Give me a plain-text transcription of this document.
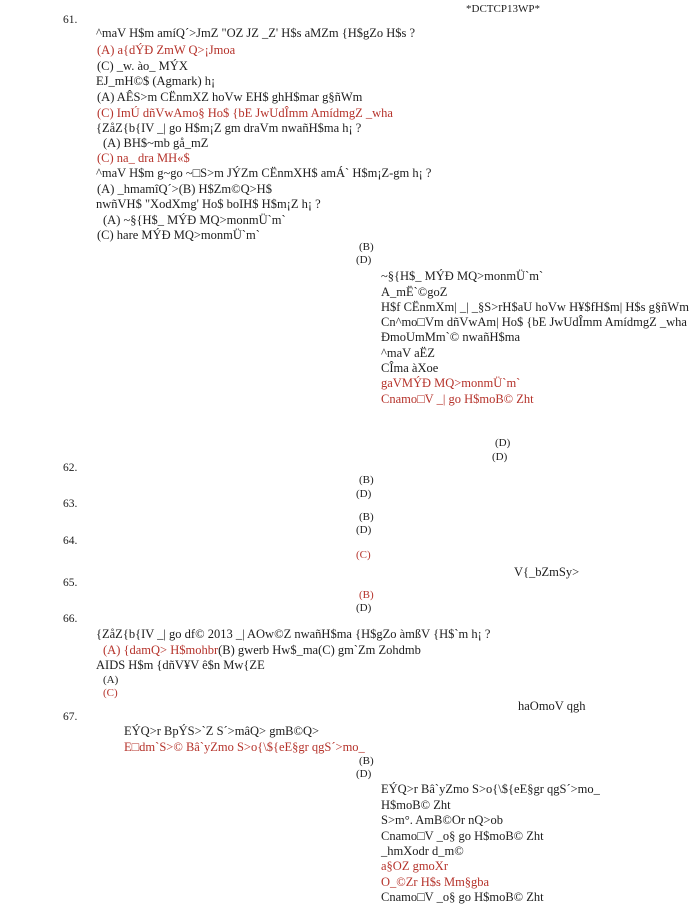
*DCTCP13WP*
61.
^maV H$m amíQ´>JmZ "OZ JZ _Z' H$s aMZm {H$gZo H$s ?
(A) a{dÝÐ ZmW Q>¡Jmoa
(C) _w. ào_ MÝX
EJ_mH©$ (Agmark) h¡
(A) AÊS>m CËnmXZ hoVw EH$ ghH$mar g§ñWm
(C) ImÚ dñVwAmo§ Ho$ {bE JwUdÎmm AmídmgZ _wha
{ZåZ{b{IV _| go H$m¡Z gm draVm nwañH$ma h¡ ?
(A) BH$~mb gå_mZ
(C) na_ dra MH«$
^maV H$m g~go ~□S>m JÝZm CËnmXH$ amÁ` H$m¡Z-gm h¡ ?
(A) _hmamîQ´>(B) H$Zm©Q>H$
nwñVH$ "XodXmg' Ho$ boIH$ H$m¡Z h¡ ?
(A) ~§{H$_ MÝÐ MQ>monmÜ`m`
(C) hare MÝÐ MQ>monmÜ`m`
(B)
(D)
~§{H$_ MÝÐ MQ>monmÜ`m`
A_mË`©goZ
H$f CËnmXm| _| _§S>rH$aU hoVw H¥$fH$m| H$s g§ñWm
Cn^mo□Vm dñVwAm| Ho$ {bE JwUdÎmm AmídmgZ _wha
ÐmoUmMm`© nwañH$ma
^maV aËZ
CÎma àXoe
gaVMÝÐ MQ>monmÜ`m`
Cnamo□V _| go H$moB© Zht
(D)
(D)
62.
(B)
(D)
63.
(B)
(D)
64.
(C)
V{_bZmSy>
65.
(B)
(D)
66.
{ZåZ{b{IV _| go df© 2013 _| AOw©Z nwañH$ma {H$gZo àmßV {H$`m h¡ ?
(A) {damQ> H$mohbr(B) gwerb Hw$_ma(C) gm`Zm Zohdmb
AIDS H$m {dñV¥V ê$n Mw{ZE
(A)
(C)
haOmoV qgh
67.
EÝQ>r BpÝS>`Z S´>mâQ> gmB©Q>
E□dm`S>© Bâ`yZmo S>o{\${eE§gr qgS´>mo_
(B)
(D)
EÝQ>r Bâ`yZmo S>o{\${eE§gr qgS´>mo_
H$moB© Zht
S>m°. AmB©Or nQ>ob
Cnamo□V _o§ go H$moB© Zht
_hmXodr d_m©
a§OZ gmoXr
O_©Zr H$s Mm§gba
Cnamo□V _o§ go H$moB© Zht
